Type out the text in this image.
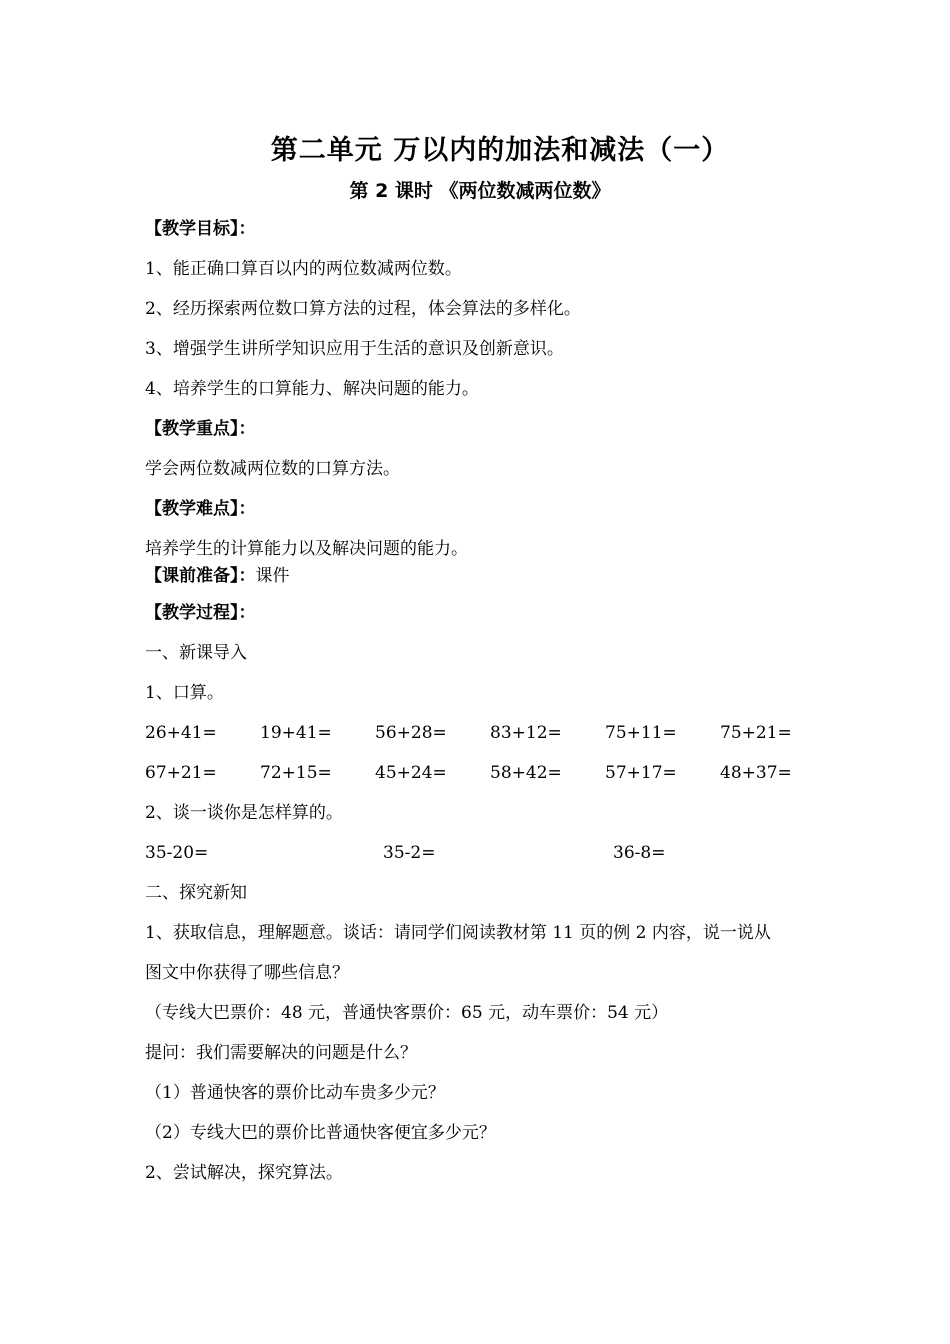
第二单元 万以内的加法和减法（一）
第 2 课时 《两位数减两位数》
【教学目标】：
1、能正确口算百以内的两位数减两位数。
2、经历探索两位数口算方法的过程，体会算法的多样化。
3、增强学生讲所学知识应用于生活的意识及创新意识。
4、培养学生的口算能力、解决问题的能力。
【教学重点】：
学会两位数减两位数的口算方法。
【教学难点】：
培养学生的计算能力以及解决问题的能力。
【课前准备】：课件
【教学过程】：
一、新课导入
1、口算。
26+41=	19+41=	56+28=	83+12=	75+11=	75+21=
67+21=	72+15=	45+24=	58+42=	57+17=	48+37=
2、谈一谈你是怎样算的。
35-20=	35-2=	36-8=
二、探究新知
1、获取信息，理解题意。谈话：请同学们阅读教材第 11 页的例 2 内容，说一说从
图文中你获得了哪些信息？
（专线大巴票价：48 元，普通快客票价：65 元，动车票价：54 元）
提问：我们需要解决的问题是什么？
（1）普通快客的票价比动车贵多少元？
（2）专线大巴的票价比普通快客便宜多少元？
2、尝试解决，探究算法。
